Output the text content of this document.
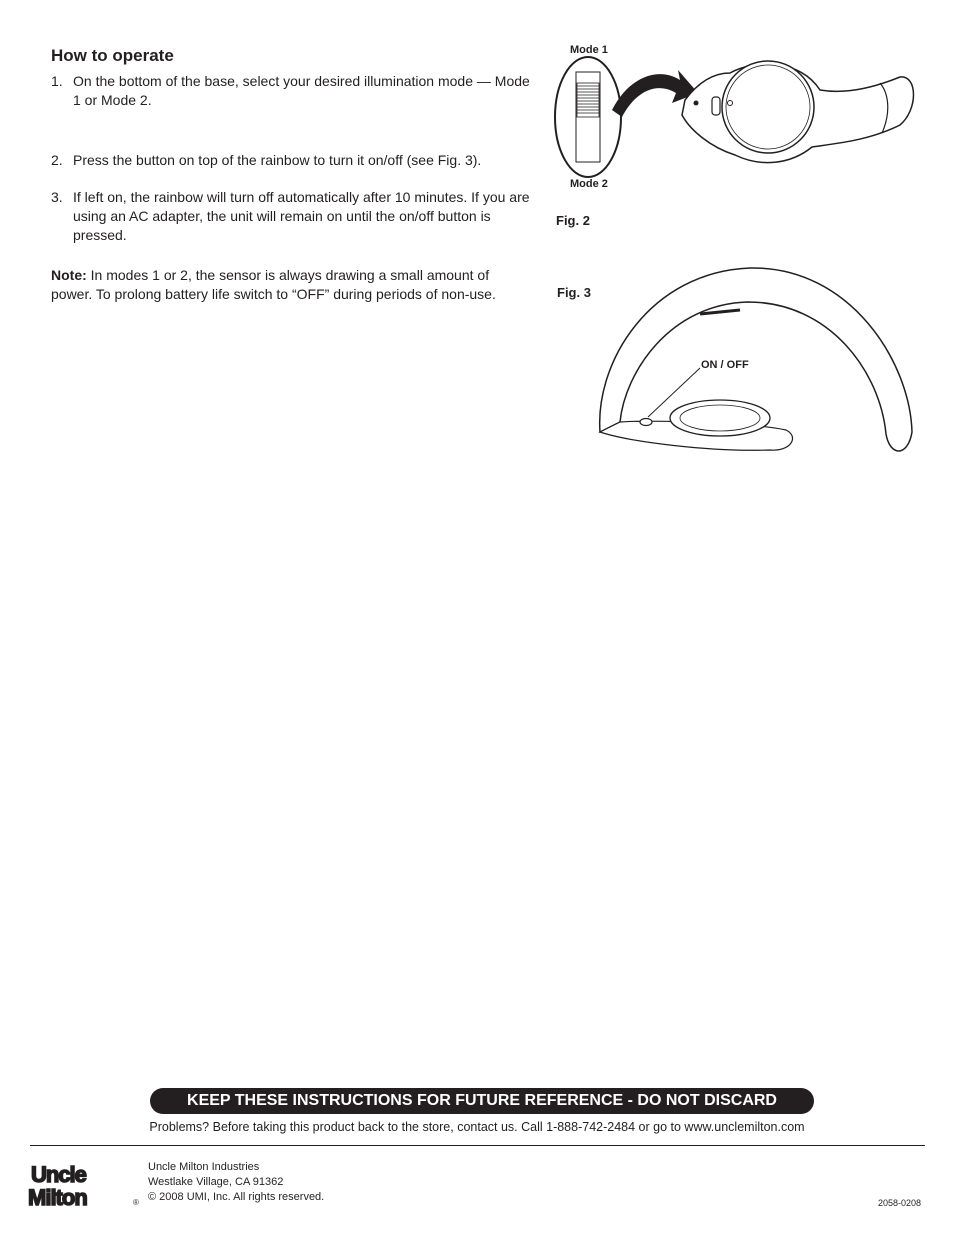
How to operate
1. On the bottom of the base, select your desired illumination mode — Mode 1 or Mode 2.
2. Press the button on top of the rainbow to turn it on/off (see Fig. 3).
3. If left on, the rainbow will turn off automatically after 10 minutes. If you are using an AC adapter, the unit will remain on until the on/off button is pressed.
Note: In modes 1 or 2, the sensor is always drawing a small amount of power. To prolong battery life switch to “OFF” during periods of non-use.
Mode 1
Mode 2
Fig. 2
Fig. 3
ON / OFF
KEEP THESE INSTRUCTIONS FOR FUTURE REFERENCE - DO NOT DISCARD
Problems? Before taking this product back to the store, contact us. Call 1-888-742-2484 or go to www.unclemilton.com
Uncle
Milton	®
Uncle Milton Industries
Westlake Village, CA 91362
© 2008 UMI, Inc. All rights reserved.	2058-0208
